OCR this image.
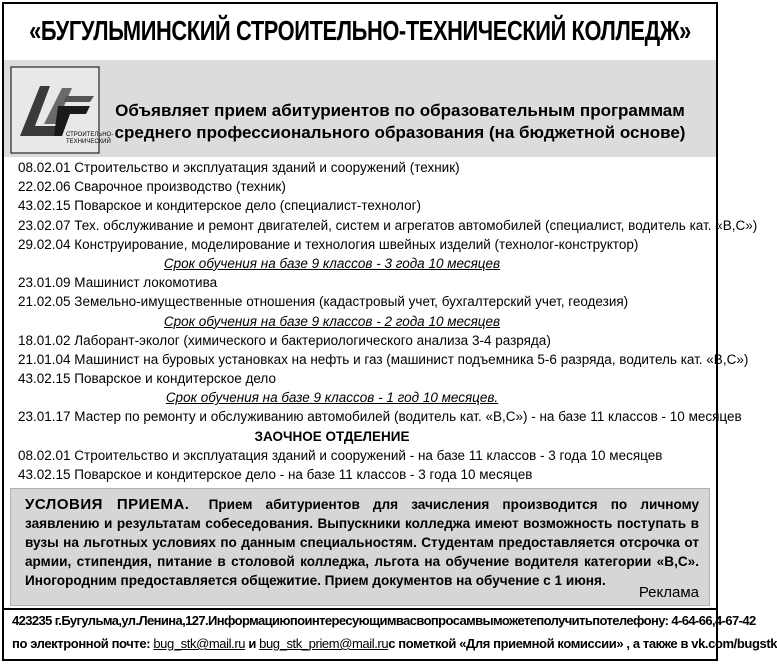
«БУГУЛЬМИНСКИЙ СТРОИТЕЛЬНО-ТЕХНИЧЕСКИЙ КОЛЛЕДЖ»
СТРОИТЕЛЬНО-ТЕХНИЧЕСКИЙ
Объявляет прием абитуриентов по образовательным программам
среднего профессионального образования (на бюджетной основе)
08.02.01 Строительство и эксплуатация зданий и сооружений (техник)
22.02.06 Сварочное производство (техник)
43.02.15 Поварское и кондитерское дело (специалист-технолог)
23.02.07 Тех. обслуживание и ремонт двигателей, систем и агрегатов автомобилей (специалист, водитель кат. «В,С»)
29.02.04 Конструирование, моделирование и технология швейных изделий (технолог-конструктор)
Срок обучения на базе 9 классов - 3 года 10 месяцев
23.01.09 Машинист локомотива
21.02.05 Земельно-имущественные отношения (кадастровый учет, бухгалтерский учет, геодезия)
Срок обучения на базе 9 классов - 2 года 10 месяцев
18.01.02 Лаборант-эколог (химического и бактериологического анализа 3-4 разряда)
21.01.04 Машинист на буровых установках на нефть и газ (машинист подъемника 5-6 разряда, водитель кат. «В,С»)
43.02.15 Поварское и кондитерское дело
Срок обучения на базе 9 классов - 1 год 10 месяцев.
23.01.17 Мастер по ремонту и обслуживанию автомобилей (водитель кат. «В,С») - на базе 11 классов - 10 месяцев
ЗАОЧНОЕ ОТДЕЛЕНИЕ
08.02.01 Строительство и эксплуатация зданий и сооружений - на базе 11 классов - 3 года 10 месяцев
43.02.15 Поварское и кондитерское дело - на базе 11 классов - 3 года 10 месяцев
УСЛОВИЯ ПРИЕМА. Прием абитуриентов для зачисления производится по личному заявлению и результатам собеседования. Выпускники колледжа имеют возможность поступать в вузы на льготных условиях по данным специальностям. Студентам предоставляется отсрочка от армии, стипендия, питание в столовой колледжа, льгота на обучение водителя категории «В,С». Иногородним предоставляется общежитие. Прием документов на обучение с 1 июня.
Реклама
423235 г.Бугульма,ул.Ленина,127.Информациюпоинтересующимвасвопросамвыможетеполучитьпотелефону: 4-64-66,4-67-42
по электронной почте: bug_stk@mail.ru и bug_stk_priem@mail.ruс пометкой «Для приемной комиссии» , а также в vk.com/bugstk
